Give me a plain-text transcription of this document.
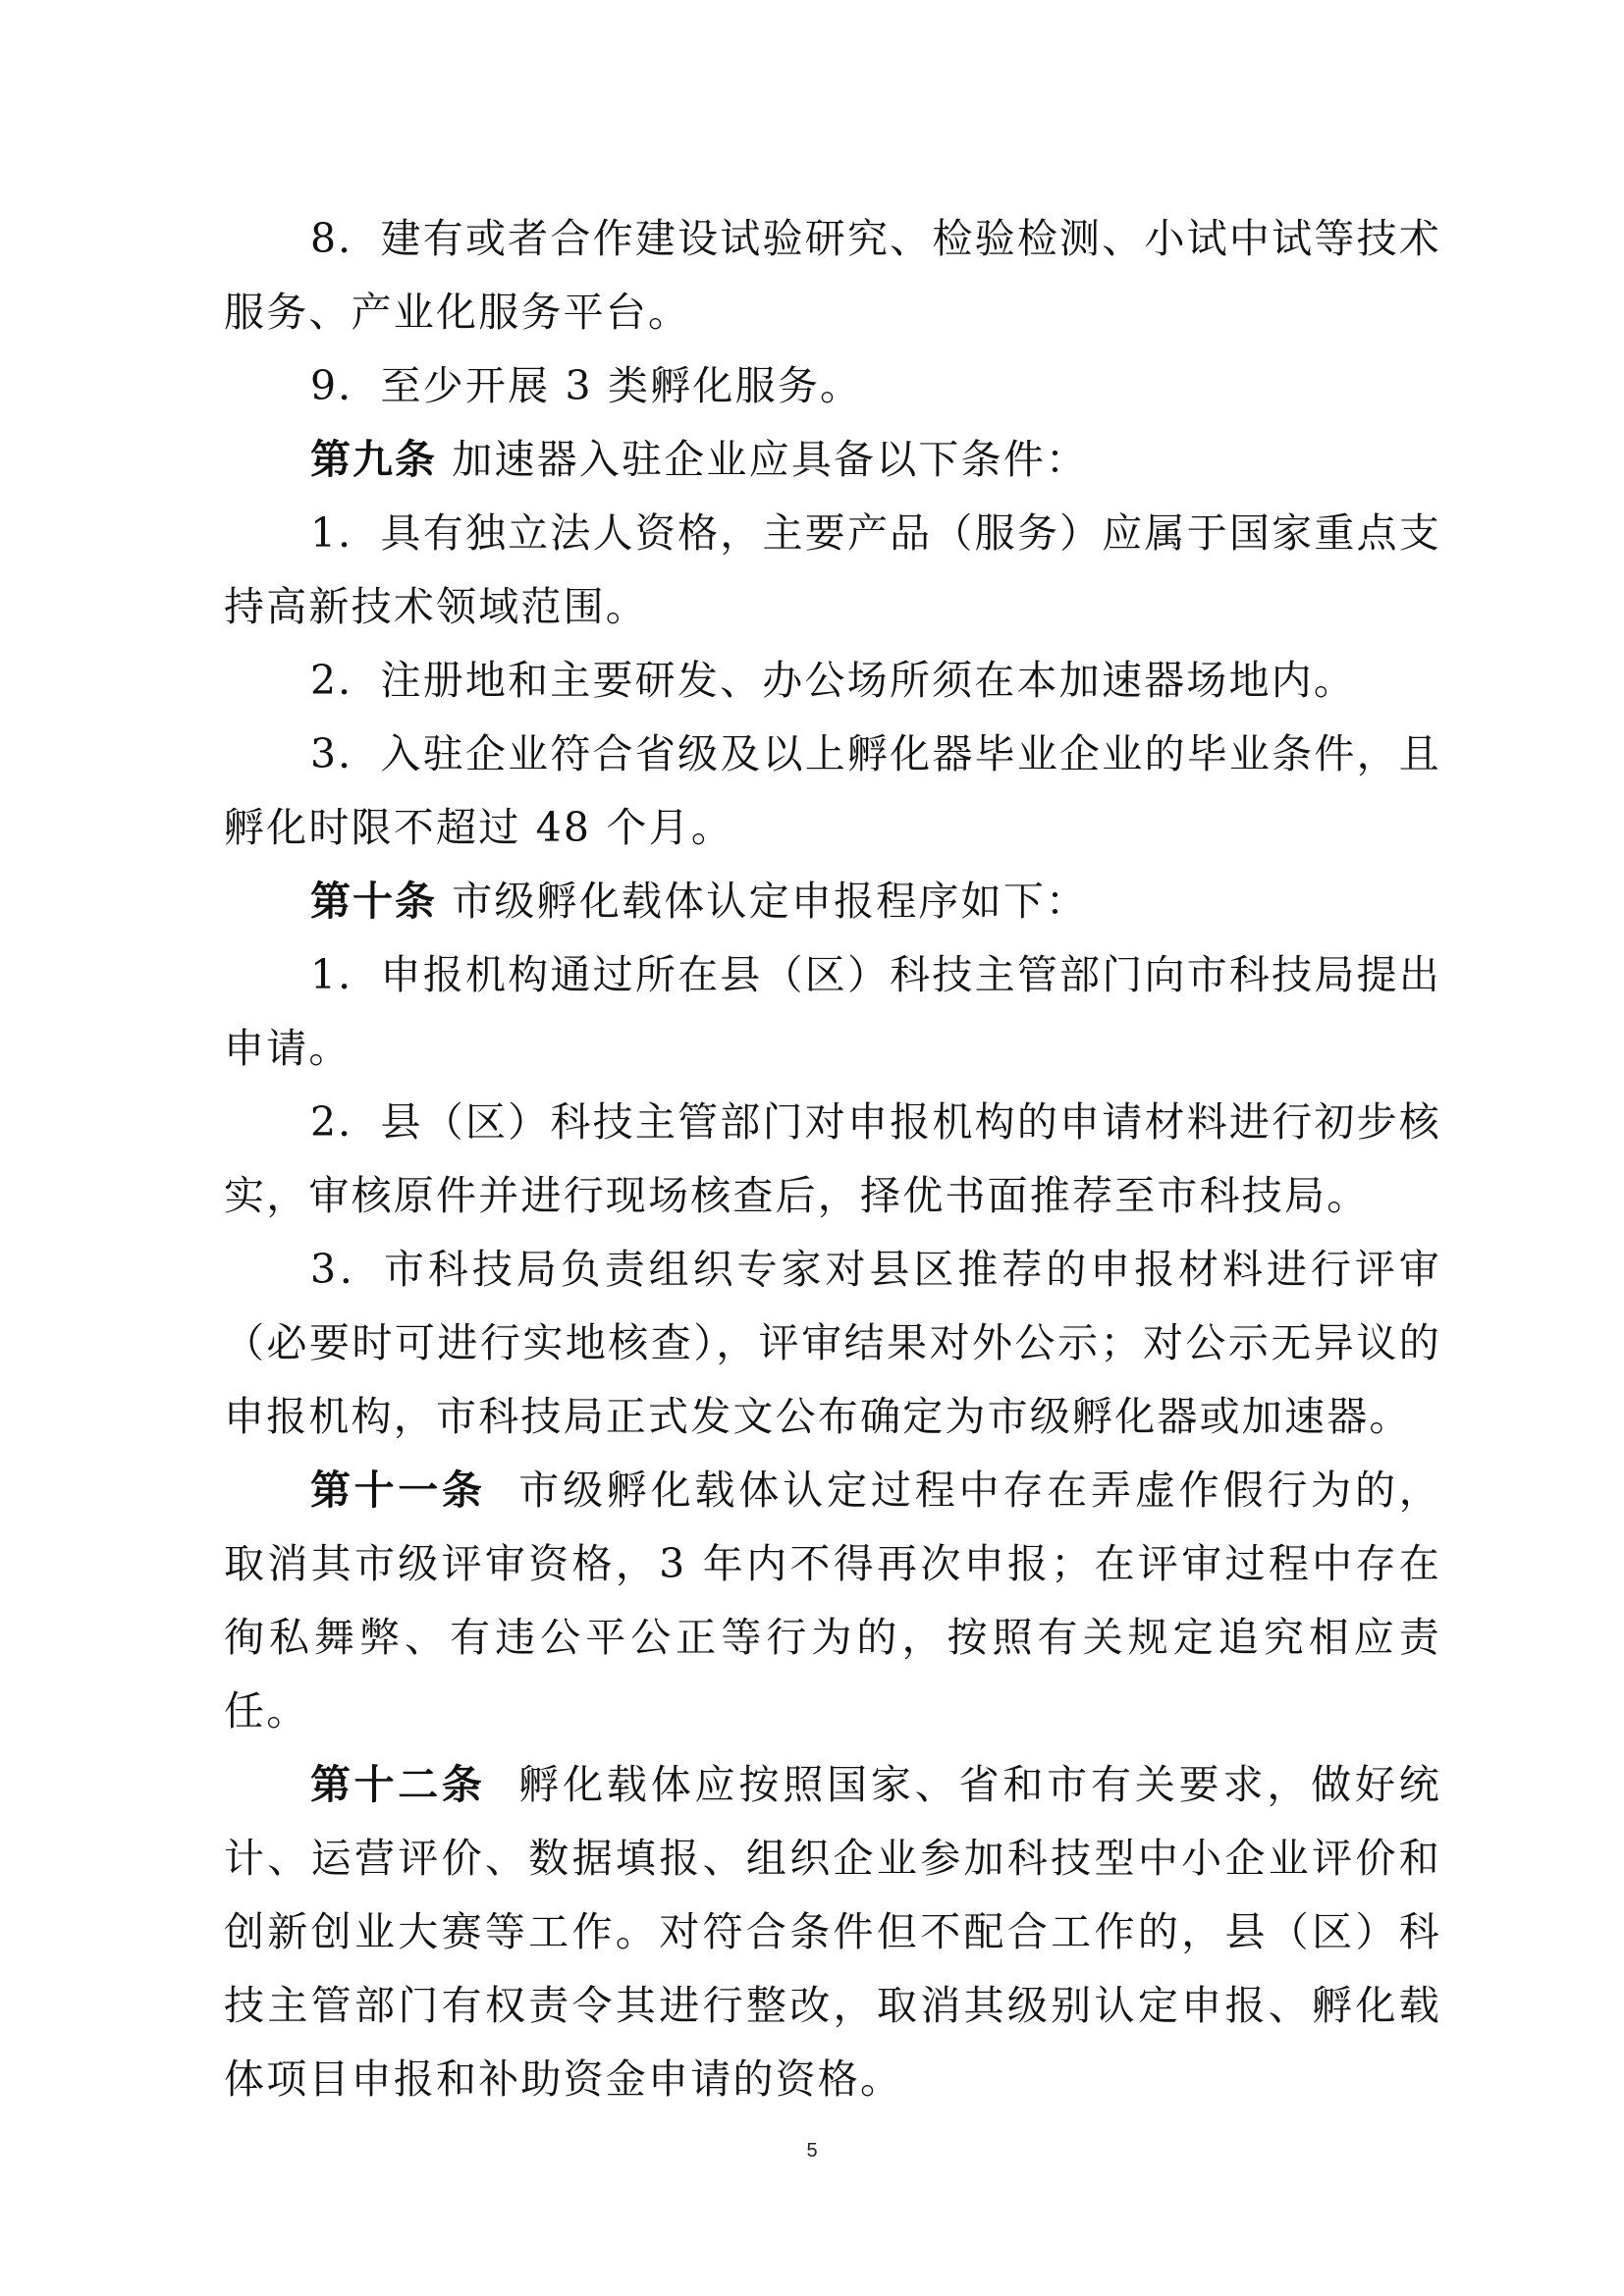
8．建有或者合作建设试验研究、检验检测、小试中试等技术服务、产业化服务平台。

9．至少开展 3 类孵化服务。

第九条 加速器入驻企业应具备以下条件：

1．具有独立法人资格，主要产品（服务）应属于国家重点支持高新技术领域范围。

2．注册地和主要研发、办公场所须在本加速器场地内。

3．入驻企业符合省级及以上孵化器毕业企业的毕业条件，且孵化时限不超过 48 个月。

第十条 市级孵化载体认定申报程序如下：

1．申报机构通过所在县（区）科技主管部门向市科技局提出申请。

2．县（区）科技主管部门对申报机构的申请材料进行初步核实，审核原件并进行现场核查后，择优书面推荐至市科技局。

3．市科技局负责组织专家对县区推荐的申报材料进行评审（必要时可进行实地核查），评审结果对外公示；对公示无异议的申报机构，市科技局正式发文公布确定为市级孵化器或加速器。

第十一条 市级孵化载体认定过程中存在弄虚作假行为的，取消其市级评审资格，3 年内不得再次申报；在评审过程中存在徇私舞弊、有违公平公正等行为的，按照有关规定追究相应责任。

第十二条 孵化载体应按照国家、省和市有关要求，做好统计、运营评价、数据填报、组织企业参加科技型中小企业评价和创新创业大赛等工作。对符合条件但不配合工作的，县（区）科技主管部门有权责令其进行整改，取消其级别认定申报、孵化载体项目申报和补助资金申请的资格。

5
